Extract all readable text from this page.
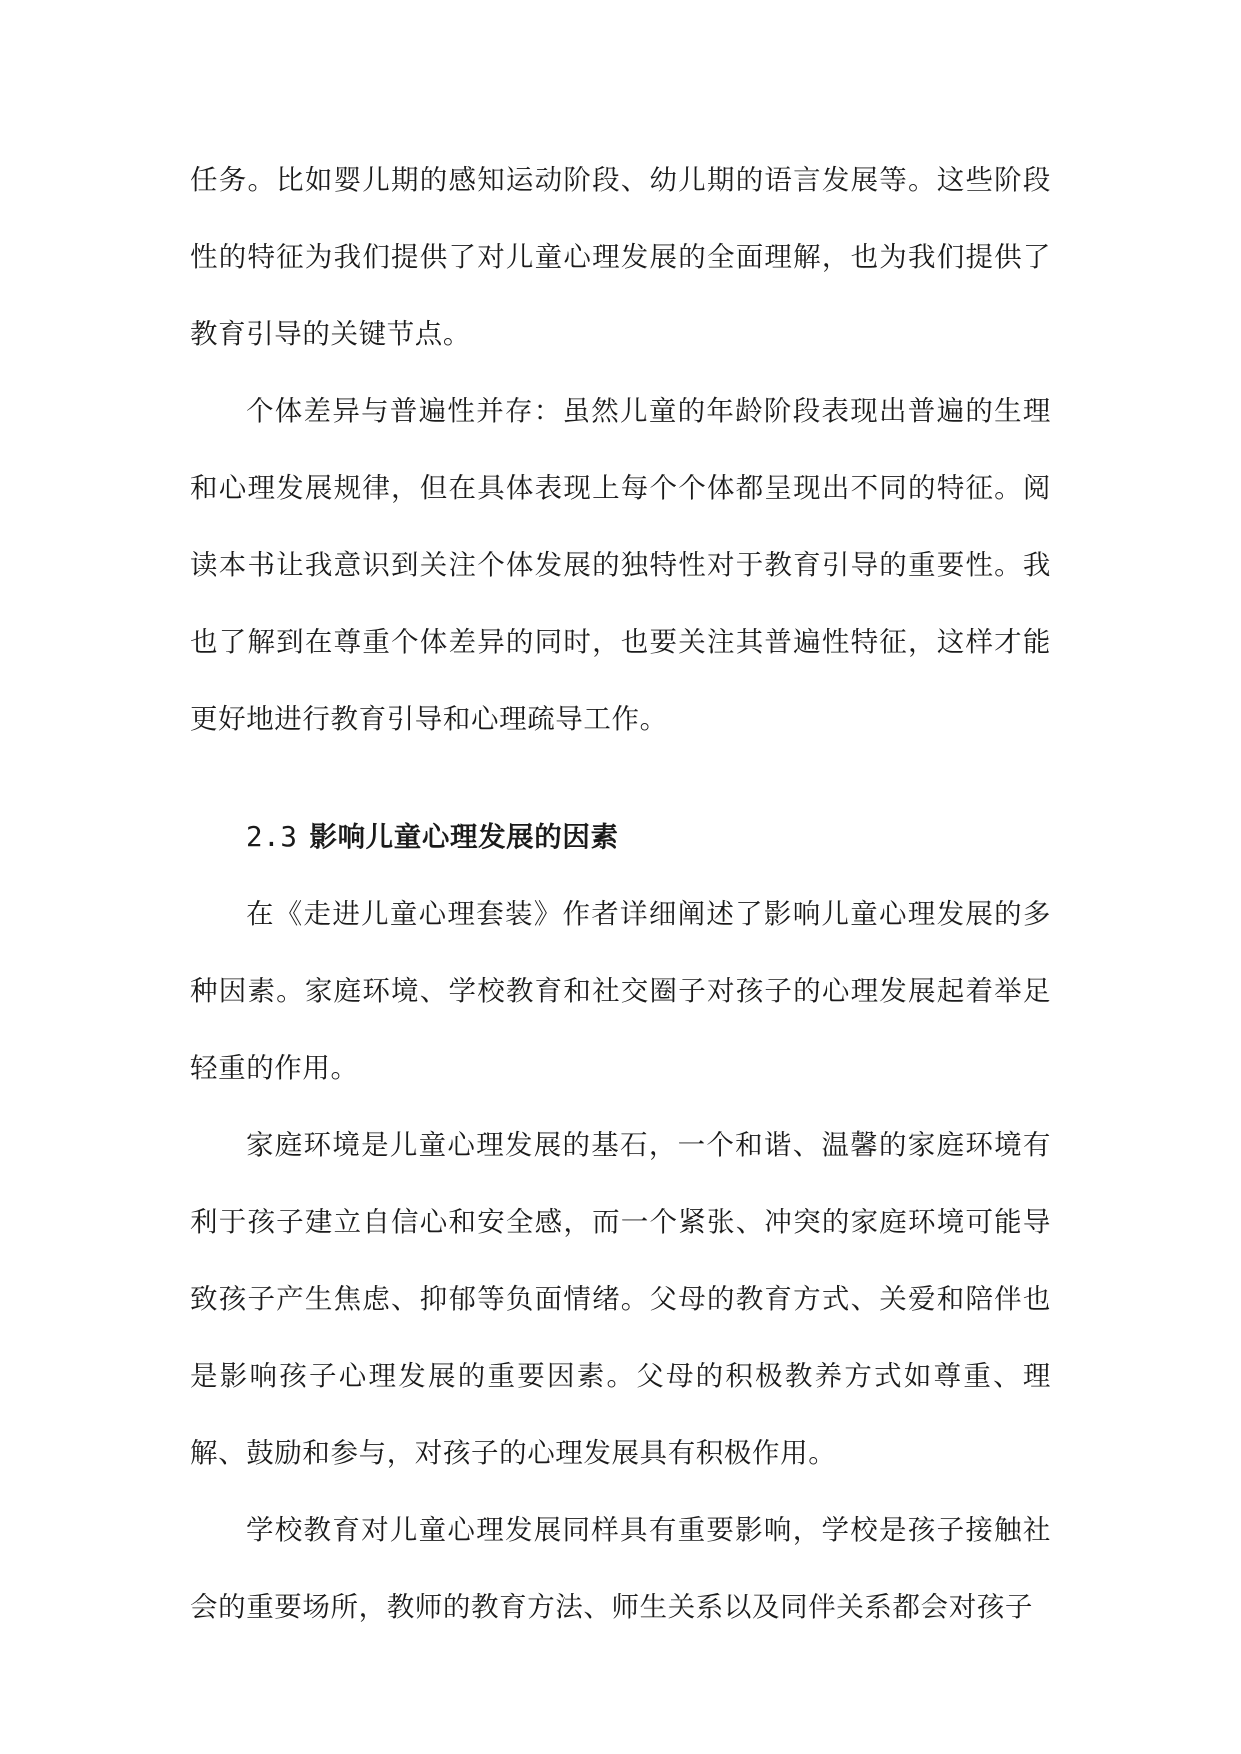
任务。比如婴儿期的感知运动阶段、幼儿期的语言发展等。这些阶段性的特征为我们提供了对儿童心理发展的全面理解，也为我们提供了教育引导的关键节点。

个体差异与普遍性并存：虽然儿童的年龄阶段表现出普遍的生理和心理发展规律，但在具体表现上每个个体都呈现出不同的特征。阅读本书让我意识到关注个体发展的独特性对于教育引导的重要性。我也了解到在尊重个体差异的同时，也要关注其普遍性特征，这样才能更好地进行教育引导和心理疏导工作。

2.3 影响儿童心理发展的因素

在《走进儿童心理套装》作者详细阐述了影响儿童心理发展的多种因素。家庭环境、学校教育和社交圈子对孩子的心理发展起着举足轻重的作用。

家庭环境是儿童心理发展的基石，一个和谐、温馨的家庭环境有利于孩子建立自信心和安全感，而一个紧张、冲突的家庭环境可能导致孩子产生焦虑、抑郁等负面情绪。父母的教育方式、关爱和陪伴也是影响孩子心理发展的重要因素。父母的积极教养方式如尊重、理解、鼓励和参与，对孩子的心理发展具有积极作用。

学校教育对儿童心理发展同样具有重要影响，学校是孩子接触社会的重要场所，教师的教育方法、师生关系以及同伴关系都会对孩子
